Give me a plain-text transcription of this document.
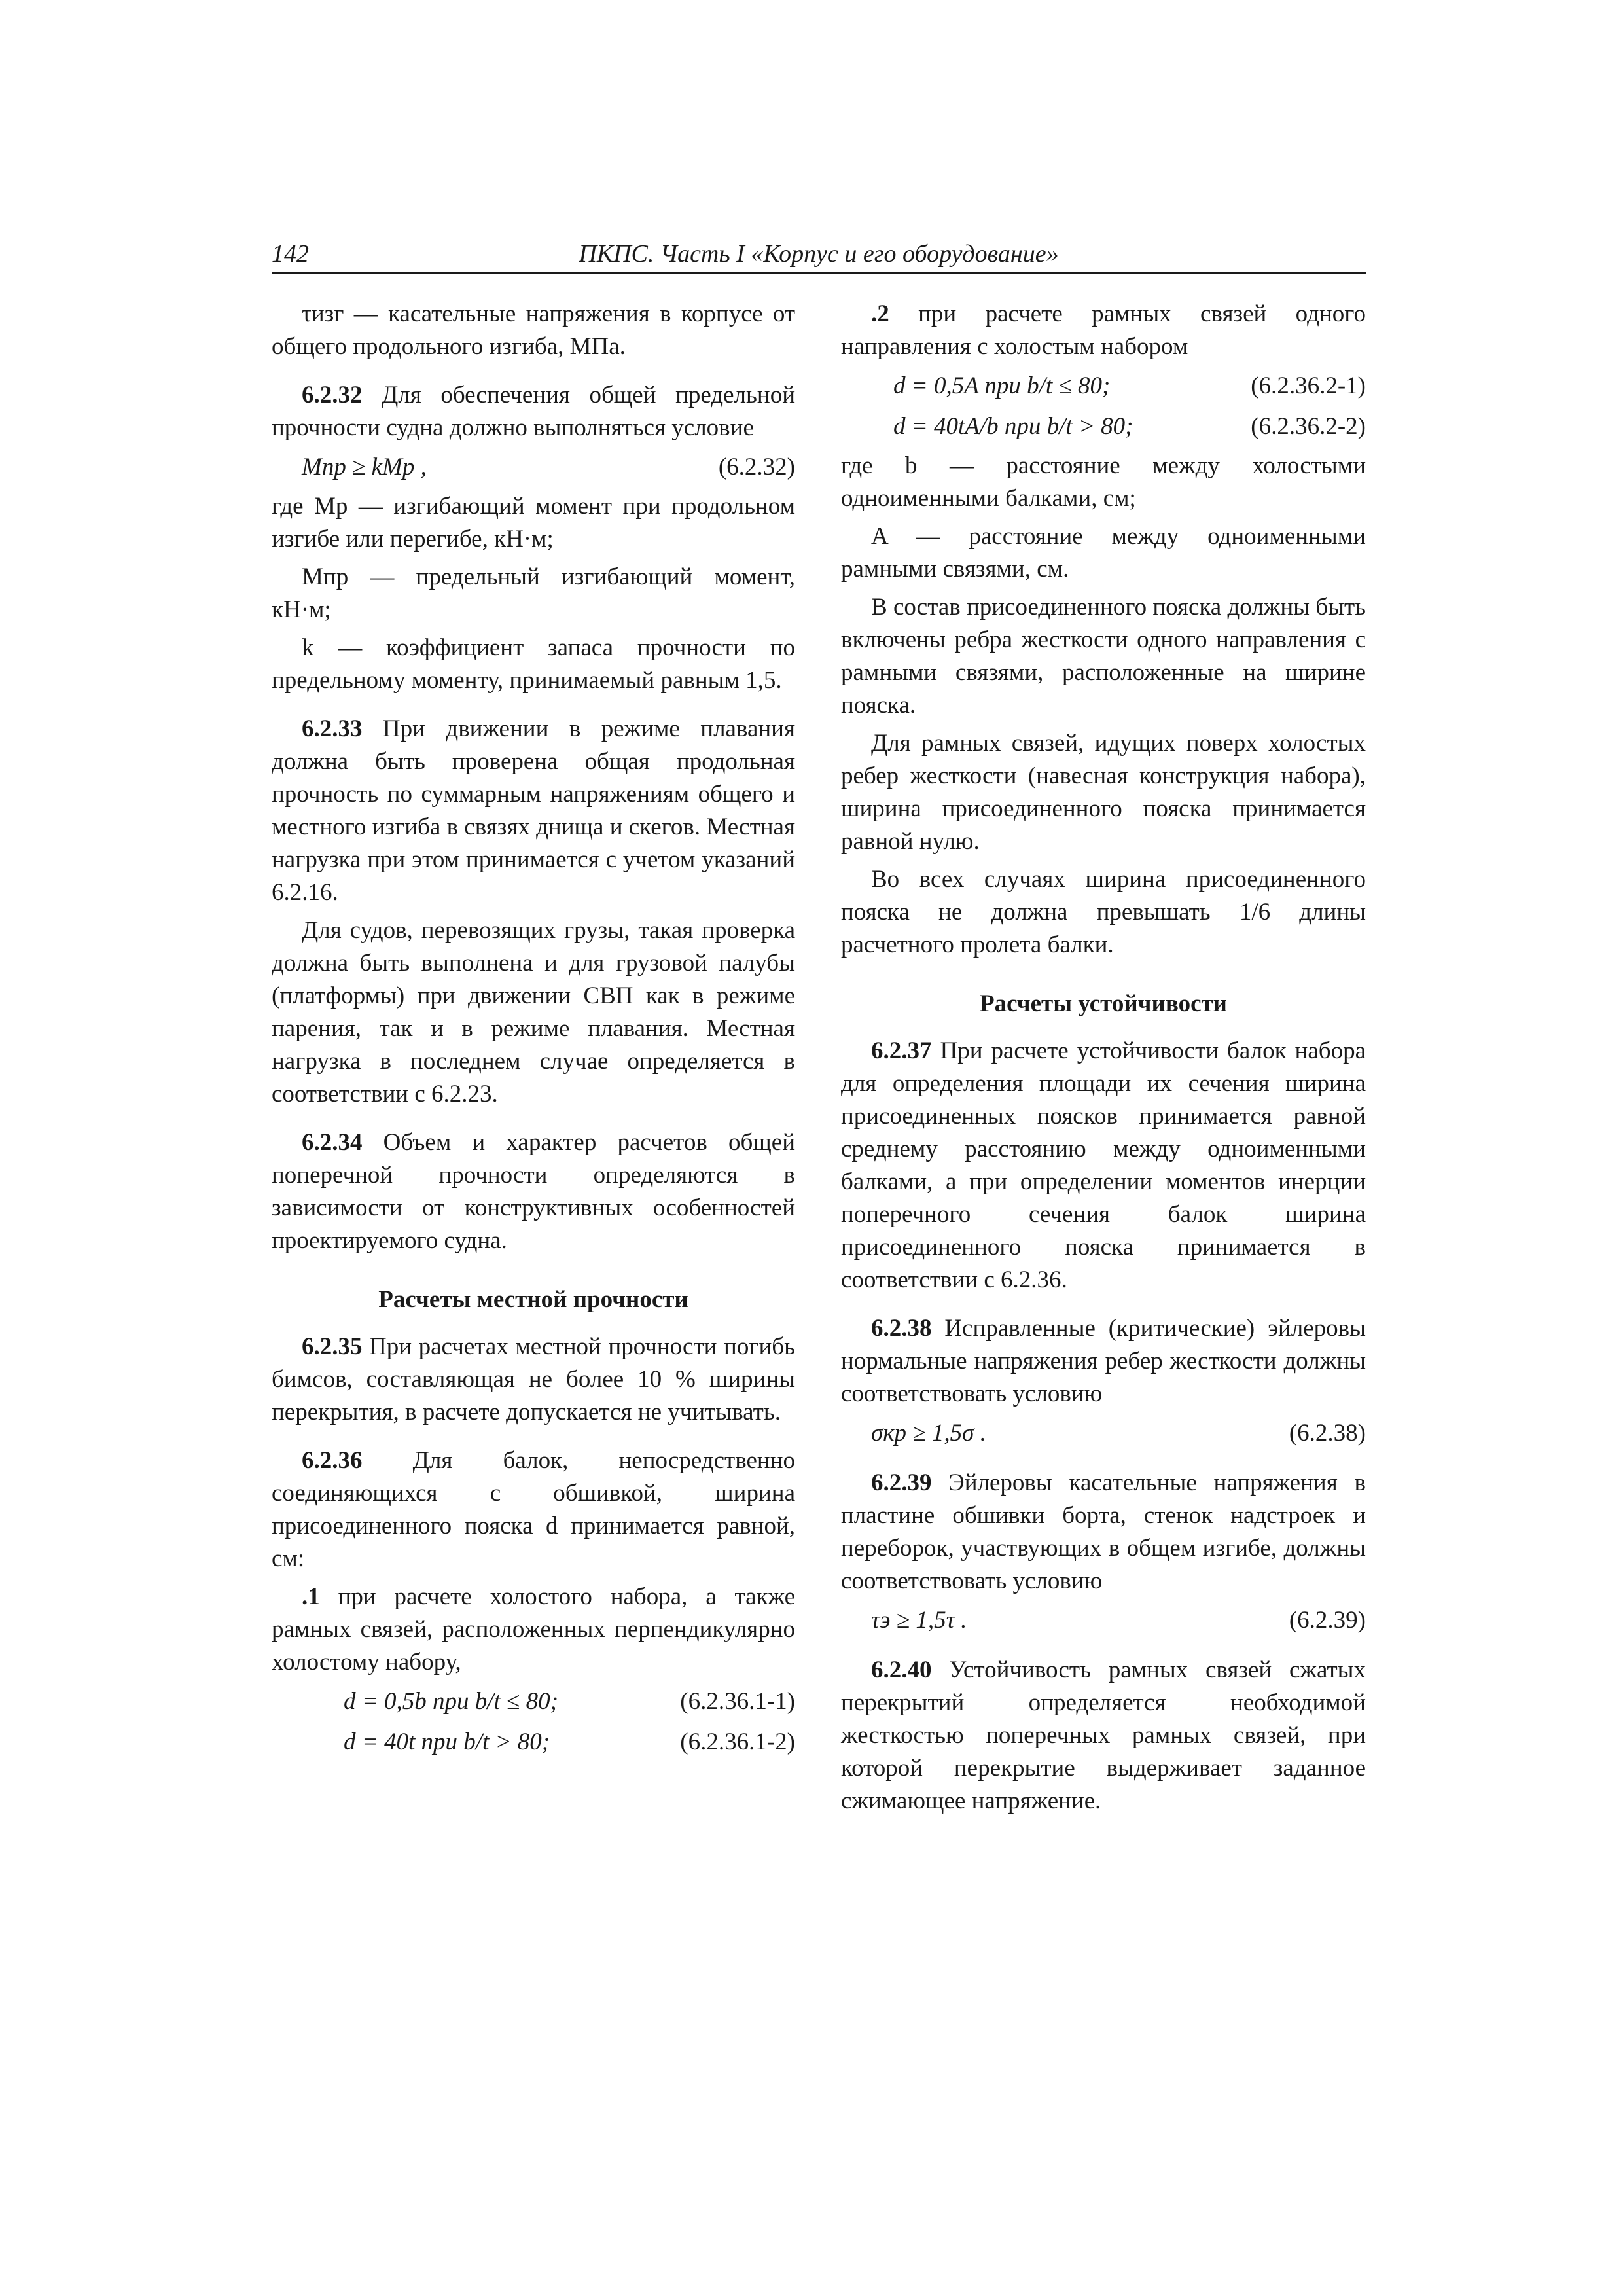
142	ПКПС. Часть I «Корпус и его оборудование»

τизг — касательные напряжения в корпусе от общего продольного изгиба, МПа.

6.2.32 Для обеспечения общей предельной прочности судна должно выполняться условие

Mпр ≥ kMр ,	(6.2.32)

где Mр — изгибающий момент при продольном изгибе или перегибе, кН·м;

Mпр — предельный изгибающий момент, кН·м;

k — коэффициент запаса прочности по предельному моменту, принимаемый равным 1,5.

6.2.33 При движении в режиме плавания должна быть проверена общая продольная прочность по суммарным напряжениям общего и местного изгиба в связях днища и скегов. Местная нагрузка при этом принимается с учетом указаний 6.2.16.

Для судов, перевозящих грузы, такая проверка должна быть выполнена и для грузовой палубы (платформы) при движении СВП как в режиме парения, так и в режиме плавания. Местная нагрузка в последнем случае определяется в соответствии с 6.2.23.

6.2.34 Объем и характер расчетов общей поперечной прочности определяются в зависимости от конструктивных особенностей проектируемого судна.

Расчеты местной прочности

6.2.35 При расчетах местной прочности погибь бимсов, составляющая не более 10 % ширины перекрытия, в расчете допускается не учитывать.

6.2.36 Для балок, непосредственно соединяющихся с обшивкой, ширина присоединенного пояска d принимается равной, см:

.1 при расчете холостого набора, а также рамных связей, расположенных перпендикулярно холостому набору,

d = 0,5b при b/t ≤ 80;	(6.2.36.1-1)
d = 40t при b/t > 80;	(6.2.36.1-2)

.2 при расчете рамных связей одного направления с холостым набором

d = 0,5A при b/t ≤ 80;	(6.2.36.2-1)
d = 40tA/b при b/t > 80;	(6.2.36.2-2)

где b — расстояние между холостыми одноименными балками, см;

A — расстояние между одноименными рамными связями, см.

В состав присоединенного пояска должны быть включены ребра жесткости одного направления с рамными связями, расположенные на ширине пояска.

Для рамных связей, идущих поверх холостых ребер жесткости (навесная конструкция набора), ширина присоединенного пояска принимается равной нулю.

Во всех случаях ширина присоединенного пояска не должна превышать 1/6 длины расчетного пролета балки.

Расчеты устойчивости

6.2.37 При расчете устойчивости балок набора для определения площади их сечения ширина присоединенных поясков принимается равной среднему расстоянию между одноименными балками, а при определении моментов инерции поперечного сечения балок ширина присоединенного пояска принимается в соответствии с 6.2.36.

6.2.38 Исправленные (критические) эйлеровы нормальные напряжения ребер жесткости должны соответствовать условию

σкр ≥ 1,5σ .	(6.2.38)

6.2.39 Эйлеровы касательные напряжения в пластине обшивки борта, стенок надстроек и переборок, участвующих в общем изгибе, должны соответствовать условию

τэ ≥ 1,5τ .	(6.2.39)

6.2.40 Устойчивость рамных связей сжатых перекрытий определяется необходимой жесткостью поперечных рамных связей, при которой перекрытие выдерживает заданное сжимающее напряжение.
